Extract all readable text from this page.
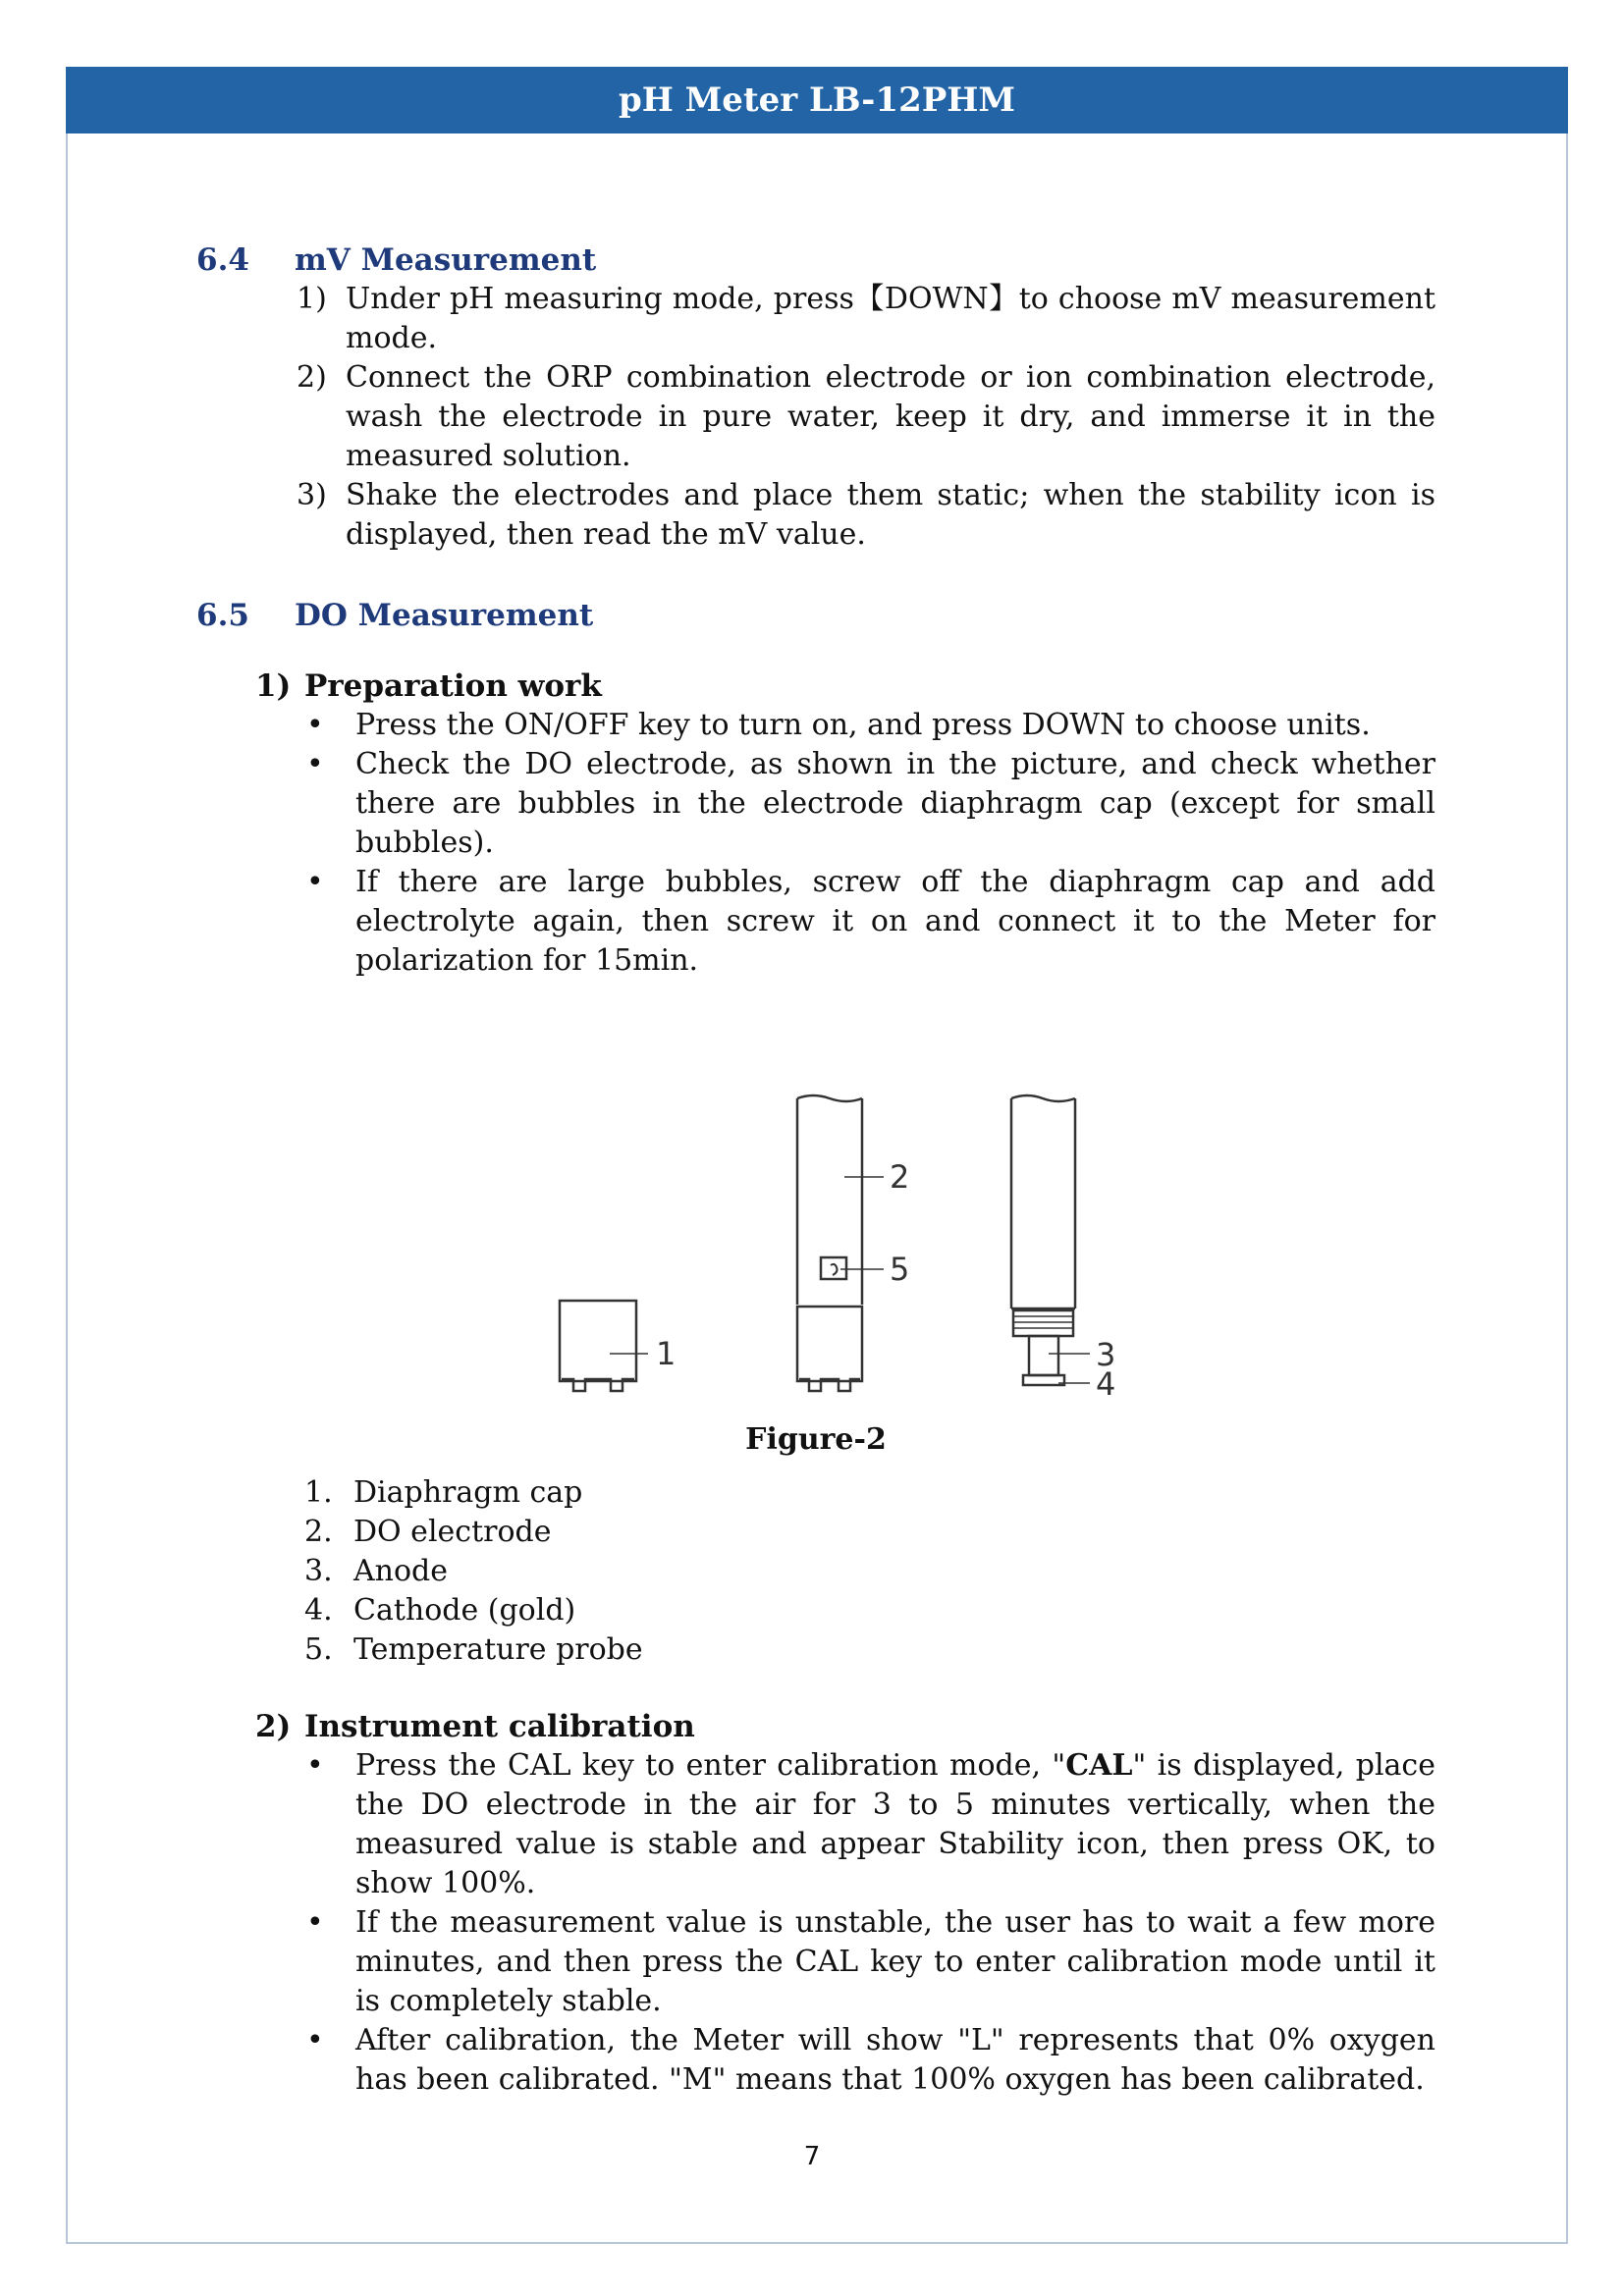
pH Meter LB-12PHM
6.4	mV Measurement
1) Under pH measuring mode, press【DOWN】to choose mV measurement mode.
2) Connect the ORP combination electrode or ion combination electrode, wash the electrode in pure water, keep it dry, and immerse it in the measured solution.
3) Shake the electrodes and place them static; when the stability icon is displayed, then read the mV value.
6.5	DO Measurement
1) Preparation work
•	Press the ON/OFF key to turn on, and press DOWN to choose units.
•	Check the DO electrode, as shown in the picture, and check whether there are bubbles in the electrode diaphragm cap (except for small bubbles).
•	If there are large bubbles, screw off the diaphragm cap and add electrolyte again, then screw it on and connect it to the Meter for polarization for 15min.
1
2
3
4
5
Figure-2
1. Diaphragm cap
2. DO electrode
3. Anode
4. Cathode (gold)
5. Temperature probe
2) Instrument calibration
•	Press the CAL key to enter calibration mode, "CAL" is displayed, place the DO electrode in the air for 3 to 5 minutes vertically, when the measured value is stable and appear Stability icon, then press OK, to show 100%.
•	If the measurement value is unstable, the user has to wait a few more minutes, and then press the CAL key to enter calibration mode until it is completely stable.
•	After calibration, the Meter will show "L" represents that 0% oxygen has been calibrated. "M" means that 100% oxygen has been calibrated.
7
